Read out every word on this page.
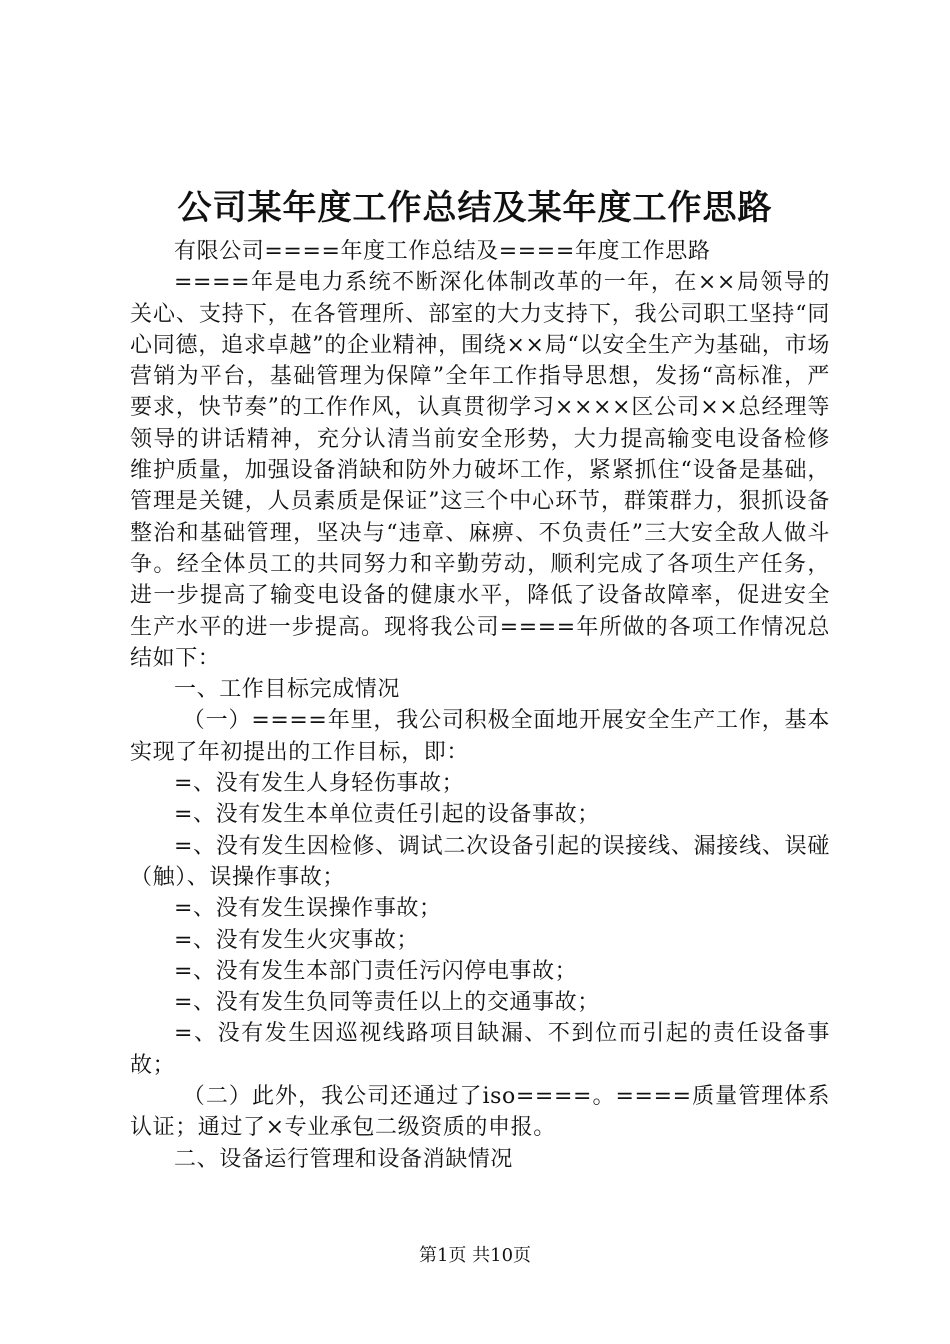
公司某年度工作总结及某年度工作思路

有限公司====年度工作总结及====年度工作思路

====年是电力系统不断深化体制改革的一年，在××局领导的关心、支持下，在各管理所、部室的大力支持下，我公司职工坚持“同心同德，追求卓越”的企业精神，围绕××局“以安全生产为基础，市场营销为平台，基础管理为保障”全年工作指导思想，发扬“高标准，严要求，快节奏”的工作作风，认真贯彻学习××××区公司××总经理等领导的讲话精神，充分认清当前安全形势，大力提高输变电设备检修维护质量，加强设备消缺和防外力破坏工作，紧紧抓住“设备是基础，管理是关键，人员素质是保证”这三个中心环节，群策群力，狠抓设备整治和基础管理，坚决与“违章、麻痹、不负责任”三大安全敌人做斗争。经全体员工的共同努力和辛勤劳动，顺利完成了各项生产任务，进一步提高了输变电设备的健康水平，降低了设备故障率，促进安全生产水平的进一步提高。现将我公司====年所做的各项工作情况总结如下：

一、工作目标完成情况

（一）====年里，我公司积极全面地开展安全生产工作，基本实现了年初提出的工作目标，即：

=、没有发生人身轻伤事故；

=、没有发生本单位责任引起的设备事故；

=、没有发生因检修、调试二次设备引起的误接线、漏接线、误碰（触）、误操作事故；

=、没有发生误操作事故；

=、没有发生火灾事故；

=、没有发生本部门责任污闪停电事故；

=、没有发生负同等责任以上的交通事故；

=、没有发生因巡视线路项目缺漏、不到位而引起的责任设备事故；

（二）此外，我公司还通过了iso====。====质量管理体系认证；通过了×专业承包二级资质的申报。

二、设备运行管理和设备消缺情况

第1页 共10页
